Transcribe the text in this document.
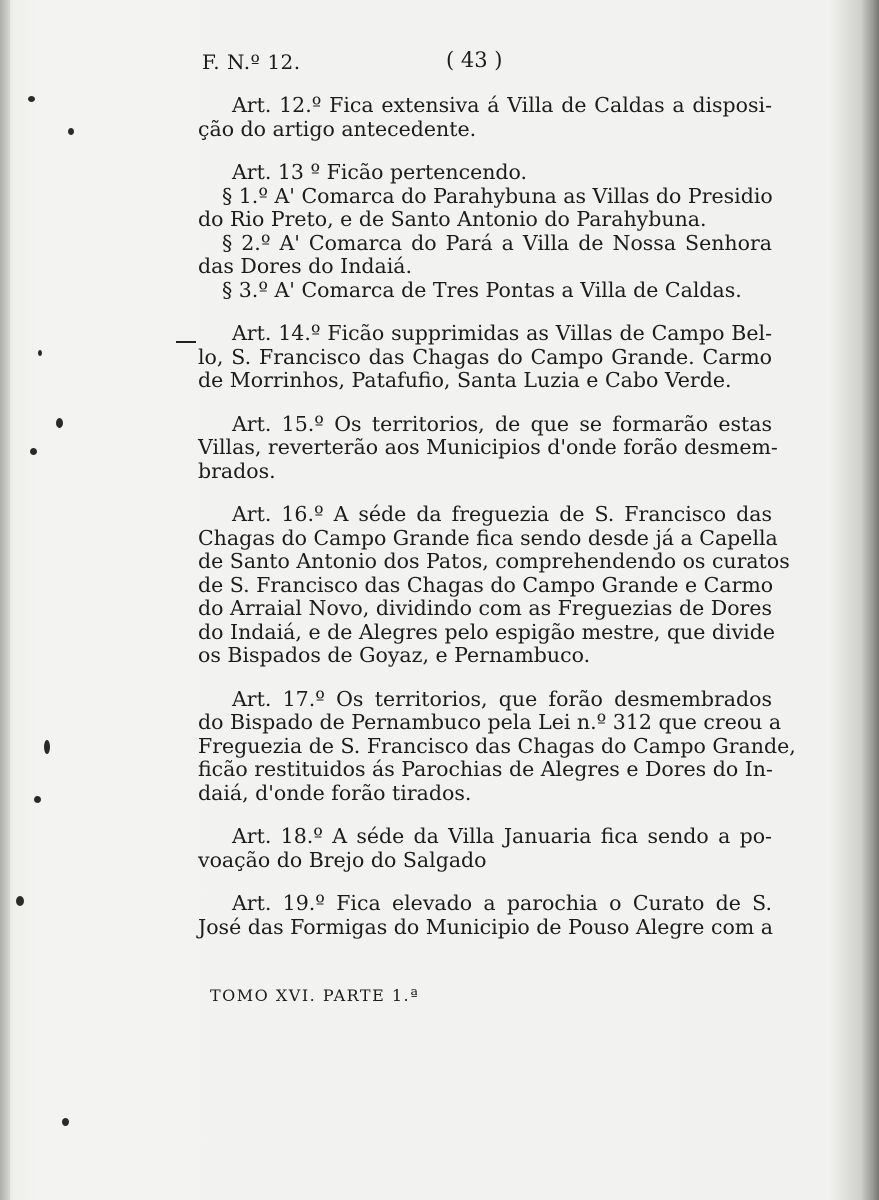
F. N.º 12.	( 43 )
Art. 12.º Fica extensiva á Villa de Caldas a disposi-
ção do artigo antecedente.
Art. 13 º Ficão pertencendo.
§ 1.º A' Comarca do Parahybuna as Villas do Presidio
do Rio Preto, e de Santo Antonio do Parahybuna.
§ 2.º A' Comarca do Pará a Villa de Nossa Senhora
das Dores do Indaiá.
§ 3.º A' Comarca de Tres Pontas a Villa de Caldas.
Art. 14.º Ficão supprimidas as Villas de Campo Bel-
lo, S. Francisco das Chagas do Campo Grande. Carmo
de Morrinhos, Patafufio, Santa Luzia e Cabo Verde.
Art. 15.º Os territorios, de que se formarão estas
Villas, reverterão aos Municipios d'onde forão desmem-
brados.
Art. 16.º A séde da freguezia de S. Francisco das
Chagas do Campo Grande fica sendo desde já a Capella
de Santo Antonio dos Patos, comprehendendo os curatos
de S. Francisco das Chagas do Campo Grande e Carmo
do Arraial Novo, dividindo com as Freguezias de Dores
do Indaiá, e de Alegres pelo espigão mestre, que divide
os Bispados de Goyaz, e Pernambuco.
Art. 17.º Os territorios, que forão desmembrados
do Bispado de Pernambuco pela Lei n.º 312 que creou a
Freguezia de S. Francisco das Chagas do Campo Grande,
ficão restituidos ás Parochias de Alegres e Dores do In-
daiá, d'onde forão tirados.
Art. 18.º A séde da Villa Januaria fica sendo a po-
voação do Brejo do Salgado
Art. 19.º Fica elevado a parochia o Curato de S.
José das Formigas do Municipio de Pouso Alegre com a
TOMO XVI. PARTE 1.ª
